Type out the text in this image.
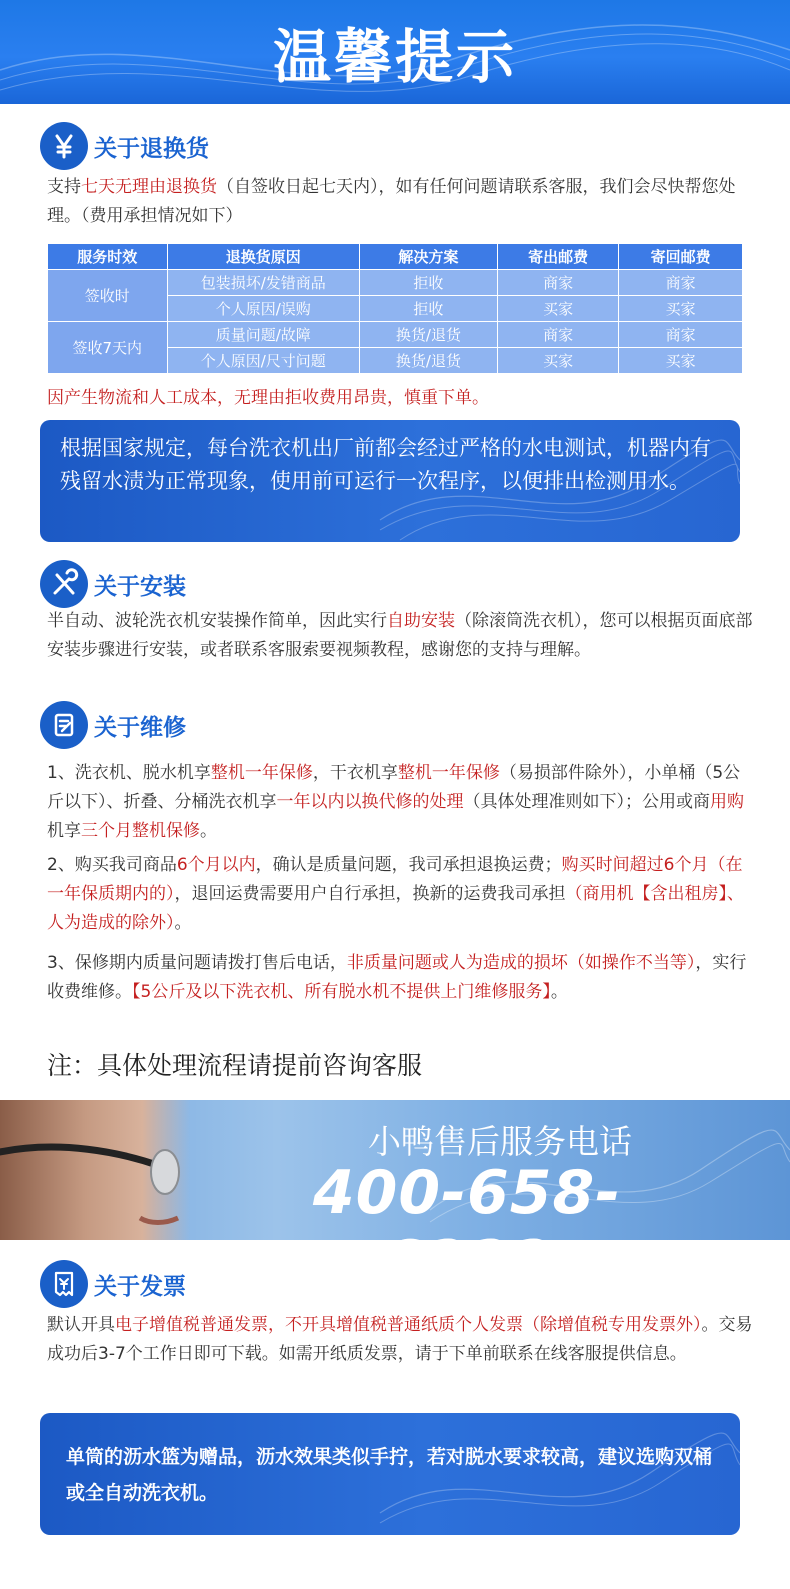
温馨提示
关于退换货

支持七天无理由退换货（自签收日起七天内），如有任何问题请联系客服，我们会尽快帮您处理。（费用承担情况如下）

服务时效	退换货原因	解决方案	寄出邮费	寄回邮费
签收时	包装损坏/发错商品	拒收	商家	商家
	个人原因/误购	拒收	买家	买家
签收7天内	质量问题/故障	换货/退货	商家	商家
	个人原因/尺寸问题	换货/退货	买家	买家

因产生物流和人工成本，无理由拒收费用昂贵，慎重下单。

根据国家规定，每台洗衣机出厂前都会经过严格的水电测试，机器内有残留水渍为正常现象，使用前可运行一次程序，以便排出检测用水。

关于安装

半自动、波轮洗衣机安装操作简单，因此实行自助安装（除滚筒洗衣机），您可以根据页面底部安装步骤进行安装，或者联系客服索要视频教程，感谢您的支持与理解。

关于维修

1、洗衣机、脱水机享整机一年保修，干衣机享整机一年保修（易损部件除外），小单桶（5公斤以下）、折叠、分桶洗衣机享一年以内以换代修的处理（具体处理准则如下）；公用或商用购机享三个月整机保修。

2、购买我司商品6个月以内，确认是质量问题，我司承担退换运费；购买时间超过6个月（在一年保质期内的），退回运费需要用户自行承担，换新的运费我司承担（商用机【含出租房】、人为造成的除外）。

3、保修期内质量问题请拨打售后电话，非质量问题或人为造成的损坏（如操作不当等），实行收费维修。【5公斤及以下洗衣机、所有脱水机不提供上门维修服务】。

注：具体处理流程请提前咨询客服

小鸭售后服务电话
400-658-6222
关于发票

默认开具电子增值税普通发票，不开具增值税普通纸质个人发票（除增值税专用发票外）。交易成功后3-7个工作日即可下载。如需开纸质发票，请于下单前联系在线客服提供信息。

单筒的沥水篮为赠品，沥水效果类似手拧，若对脱水要求较高，建议选购双桶或全自动洗衣机。
